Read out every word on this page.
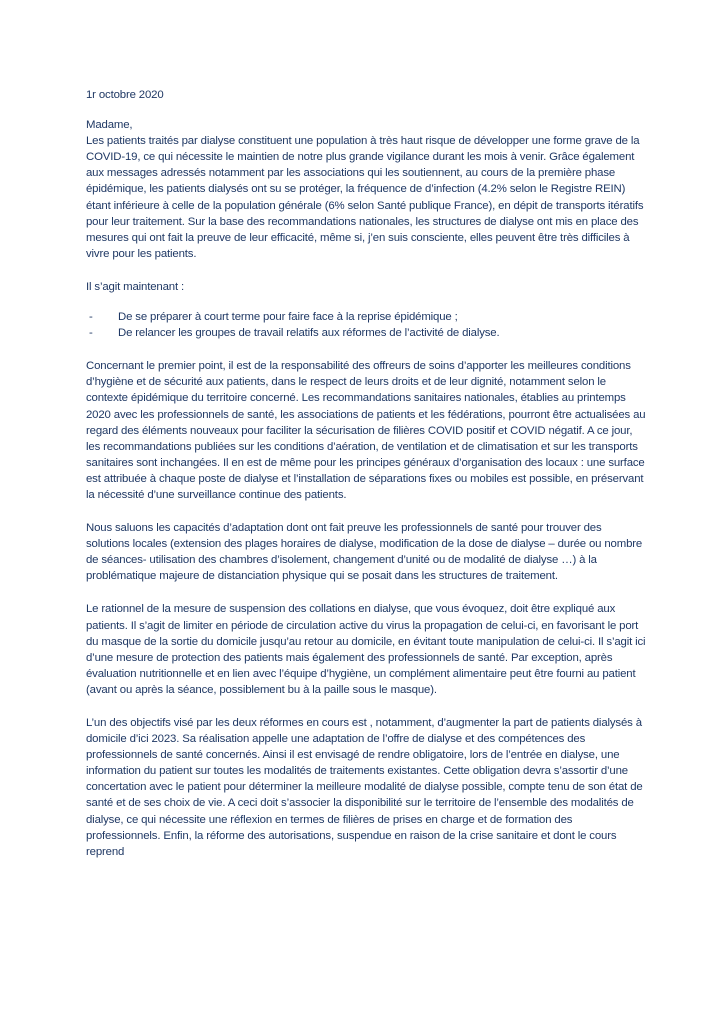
1r octobre 2020

Madame,

Les patients traités par dialyse constituent une population à très haut risque de développer une forme grave de la COVID-19, ce qui nécessite le maintien de notre plus grande vigilance durant les mois à venir. Grâce également aux messages adressés notamment par les associations qui les soutiennent, au cours de la première phase épidémique, les patients dialysés ont su se protéger, la fréquence de d’infection (4.2% selon le Registre REIN) étant inférieure à celle de la population générale (6% selon Santé publique France), en dépit de transports itératifs pour leur traitement. Sur la base des recommandations nationales, les structures de dialyse ont mis en place des mesures qui ont fait la preuve de leur efficacité, même si, j’en suis consciente, elles peuvent être très difficiles à vivre pour les patients.

Il s’agit maintenant :

- De se préparer à court terme pour faire face à la reprise épidémique ;
- De relancer les groupes de travail relatifs aux réformes de l’activité de dialyse.

Concernant le premier point, il est de la responsabilité des offreurs de soins d’apporter les meilleures conditions d’hygiène et de sécurité aux patients, dans le respect de leurs droits et de leur dignité, notamment selon le contexte épidémique du territoire concerné. Les recommandations sanitaires nationales, établies au printemps 2020 avec les professionnels de santé, les associations de patients et les fédérations, pourront être actualisées au regard des éléments nouveaux pour faciliter la sécurisation de filières COVID positif et COVID négatif. A ce jour, les recommandations publiées sur les conditions d’aération, de ventilation et de climatisation et sur les transports sanitaires sont inchangées. Il en est de même pour les principes généraux d’organisation des locaux : une surface est attribuée à chaque poste de dialyse et l’installation de séparations fixes ou mobiles est possible, en préservant la nécessité d’une surveillance continue des patients.

Nous saluons les capacités d’adaptation dont ont fait preuve les professionnels de santé pour trouver des solutions locales (extension des plages horaires de dialyse, modification de la dose de dialyse – durée ou nombre de séances- utilisation des chambres d’isolement, changement d’unité ou de modalité de dialyse …) à la problématique majeure de distanciation physique qui se posait dans les structures de traitement.

Le rationnel de la mesure de suspension des collations en dialyse, que vous évoquez, doit être expliqué aux patients. Il s’agit de limiter en période de circulation active du virus la propagation de celui-ci, en favorisant le port du masque de la sortie du domicile jusqu’au retour au domicile, en évitant toute manipulation de celui-ci. Il s’agit ici d’une mesure de protection des patients mais également des professionnels de santé. Par exception, après évaluation nutritionnelle et en lien avec l’équipe d’hygiène, un complément alimentaire peut être fourni au patient (avant ou après la séance, possiblement bu à la paille sous le masque).

L’un des objectifs visé par les deux réformes en cours est , notamment, d’augmenter la part de patients dialysés à domicile d’ici 2023. Sa réalisation appelle une adaptation de l’offre de dialyse et des compétences des professionnels de santé concernés. Ainsi il est envisagé de rendre obligatoire, lors de l’entrée en dialyse, une information du patient sur toutes les modalités de traitements existantes. Cette obligation devra s’assortir d’une concertation avec le patient pour déterminer la meilleure modalité de dialyse possible, compte tenu de son état de santé et de ses choix de vie. A ceci doit s’associer la disponibilité sur le territoire de l’ensemble des modalités de dialyse, ce qui nécessite une réflexion en termes de filières de prises en charge et de formation des professionnels. Enfin, la réforme des autorisations, suspendue en raison de la crise sanitaire et dont le cours reprend
